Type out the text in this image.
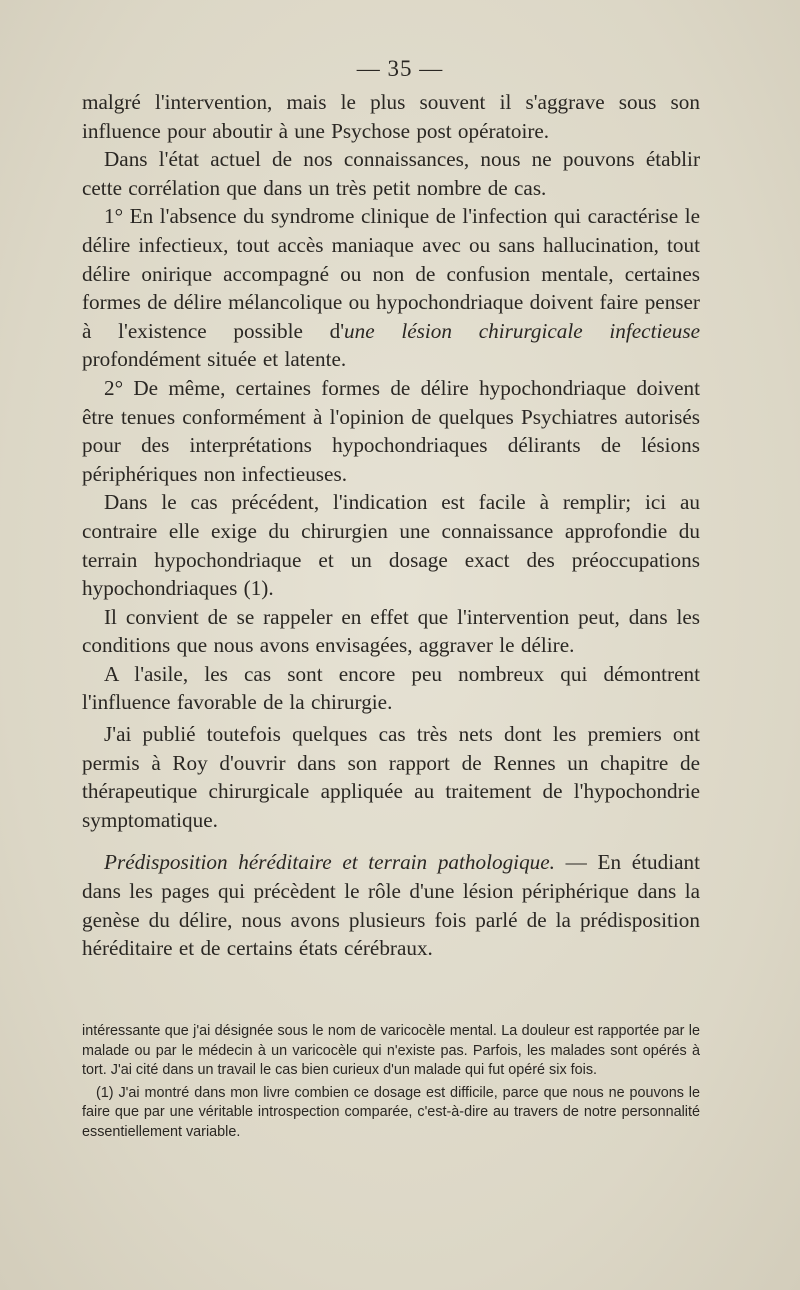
— 35 —

malgré l'intervention, mais le plus souvent il s'aggrave sous son influence pour aboutir à une Psychose post opératoire.

Dans l'état actuel de nos connaissances, nous ne pouvons établir cette corrélation que dans un très petit nombre de cas.

1° En l'absence du syndrome clinique de l'infection qui caractérise le délire infectieux, tout accès maniaque avec ou sans hallucination, tout délire onirique accompagné ou non de confusion mentale, certaines formes de délire mélancolique ou hypochondriaque doivent faire penser à l'existence possible d'une lésion chirurgicale infectieuse profondément située et latente.

2° De même, certaines formes de délire hypochondriaque doivent être tenues conformément à l'opinion de quelques Psychiatres autorisés pour des interprétations hypochondriaques délirants de lésions périphériques non infectieuses.

Dans le cas précédent, l'indication est facile à remplir; ici au contraire elle exige du chirurgien une connaissance approfondie du terrain hypochondriaque et un dosage exact des préoccupations hypochondriaques (1).

Il convient de se rappeler en effet que l'intervention peut, dans les conditions que nous avons envisagées, aggraver le délire.

A l'asile, les cas sont encore peu nombreux qui démontrent l'influence favorable de la chirurgie.

J'ai publié toutefois quelques cas très nets dont les premiers ont permis à Roy d'ouvrir dans son rapport de Rennes un chapitre de thérapeutique chirurgicale appliquée au traitement de l'hypochondrie symptomatique.

Prédisposition héréditaire et terrain pathologique. — En étudiant dans les pages qui précèdent le rôle d'une lésion périphérique dans la genèse du délire, nous avons plusieurs fois parlé de la prédisposition héréditaire et de certains états cérébraux.

intéressante que j'ai désignée sous le nom de varicocèle mental. La douleur est rapportée par le malade ou par le médecin à un varicocèle qui n'existe pas. Parfois, les malades sont opérés à tort. J'ai cité dans un travail le cas bien curieux d'un malade qui fut opéré six fois.

(1) J'ai montré dans mon livre combien ce dosage est difficile, parce que nous ne pouvons le faire que par une véritable introspection comparée, c'est-à-dire au travers de notre personnalité essentiellement variable.
